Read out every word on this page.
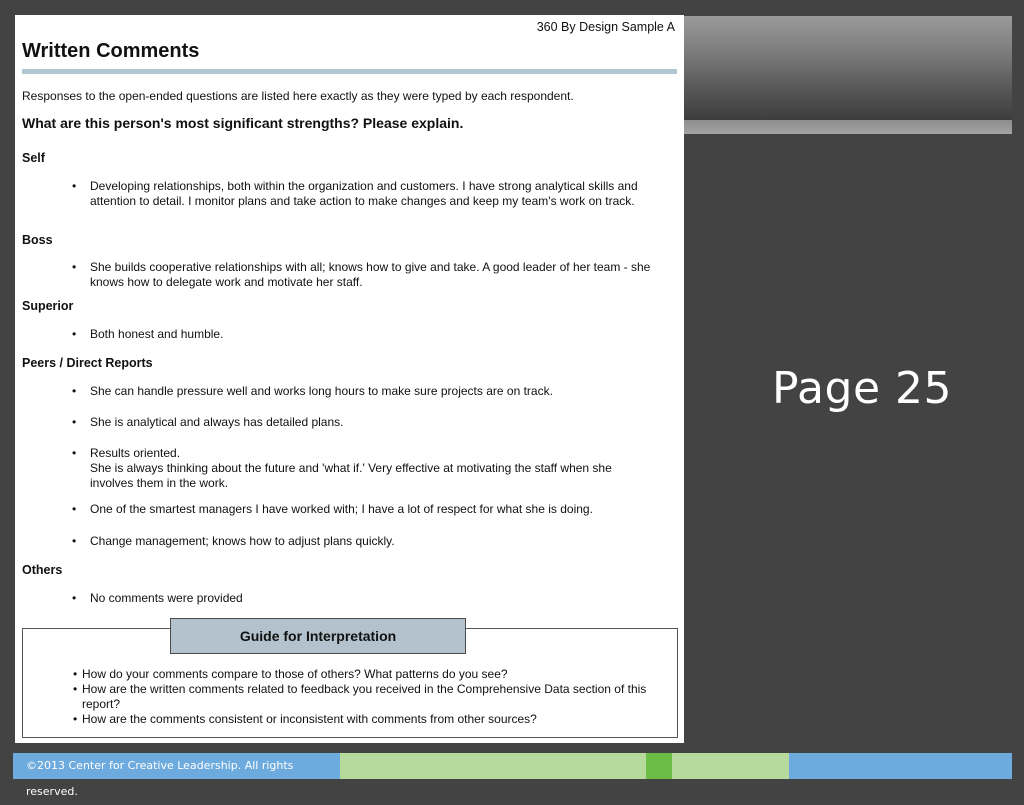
Page 25
360 By Design Sample A
Written Comments
Responses to the open-ended questions are listed here exactly as they were typed by each respondent.
What are this person's most significant strengths? Please explain.
Self
• Developing relationships, both within the organization and customers. I have strong analytical skills and attention to detail. I monitor plans and take action to make changes and keep my team's work on track.
Boss
• She builds cooperative relationships with all; knows how to give and take. A good leader of her team - she knows how to delegate work and motivate her staff.
Superior
• Both honest and humble.
Peers / Direct Reports
• She can handle pressure well and works long hours to make sure projects are on track.
• She is analytical and always has detailed plans.
• Results oriented.
She is always thinking about the future and 'what if.' Very effective at motivating the staff when she involves them in the work.
• One of the smartest managers I have worked with; I have a lot of respect for what she is doing.
• Change management; knows how to adjust plans quickly.
Others
• No comments were provided
Guide for Interpretation
• How do your comments compare to those of others? What patterns do you see?
• How are the written comments related to feedback you received in the Comprehensive Data section of this report?
• How are the comments consistent or inconsistent with comments from other sources?
©2013 Center for Creative Leadership. All rights reserved.
